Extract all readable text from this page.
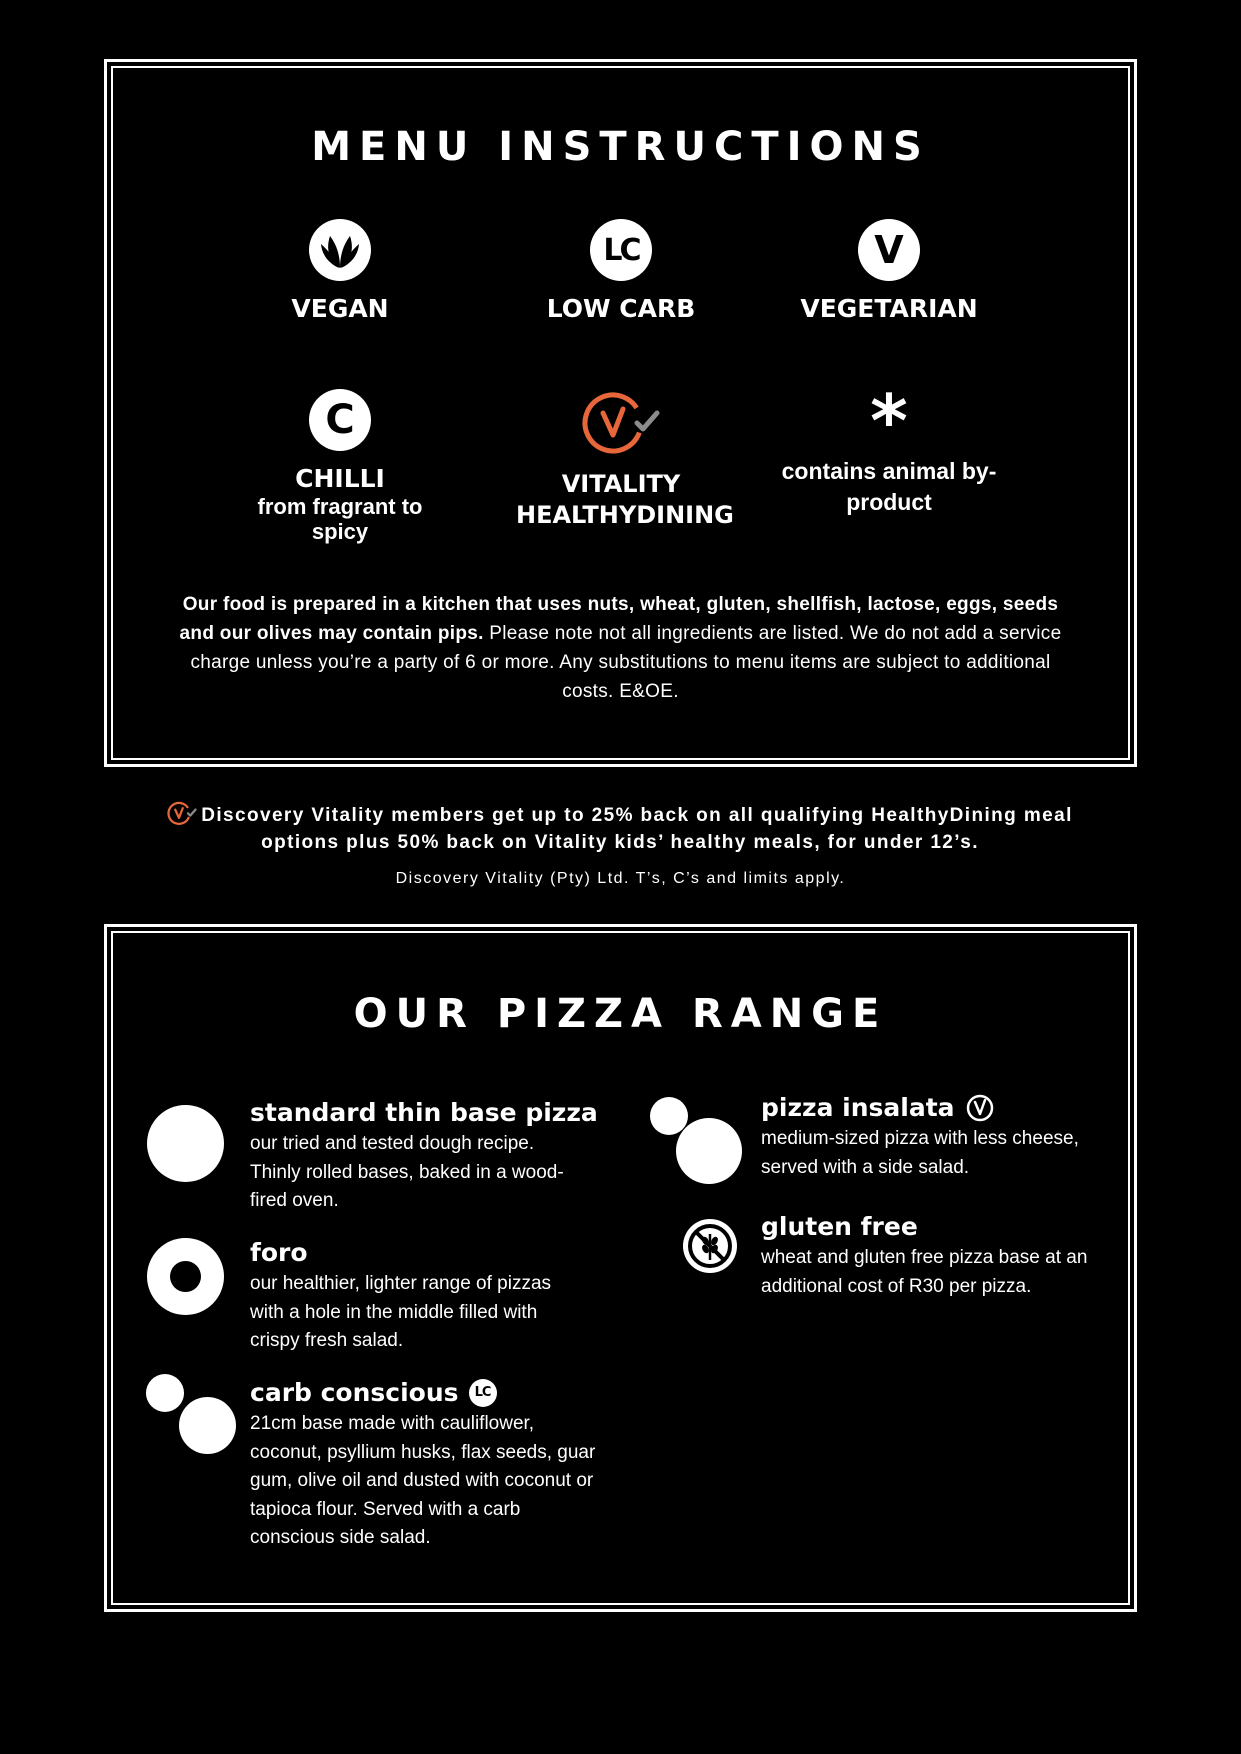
MENU INSTRUCTIONS
VEGAN
LC
LOW CARB
V
VEGETARIAN
C
CHILLI
from fragrant to spicy
VITALITY HEALTHYDINING
*
contains animal by-product
Our food is prepared in a kitchen that uses nuts, wheat, gluten, shellfish, lactose, eggs, seeds and our olives may contain pips. Please note not all ingredients are listed. We do not add a service charge unless you’re a party of 6 or more. Any substitutions to menu items are subject to additional costs. E&OE.
Discovery Vitality members get up to 25% back on all qualifying HealthyDining meal options plus 50% back on Vitality kids’ healthy meals, for under 12’s.
Discovery Vitality (Pty) Ltd. T’s, C’s and limits apply.
OUR PIZZA RANGE
standard thin base pizza
our tried and tested dough recipe. Thinly rolled bases, baked in a wood-fired oven.
foro
our healthier, lighter range of pizzas with a hole in the middle filled with crispy fresh salad.
carb conscious	LC
21cm base made with cauliflower, coconut, psyllium husks, flax seeds, guar gum, olive oil and dusted with coconut or tapioca flour. Served with a carb conscious side salad.
pizza insalata
medium-sized pizza with less cheese, served with a side salad.
gluten free
wheat and gluten free pizza base at an additional cost of R30 per pizza.
